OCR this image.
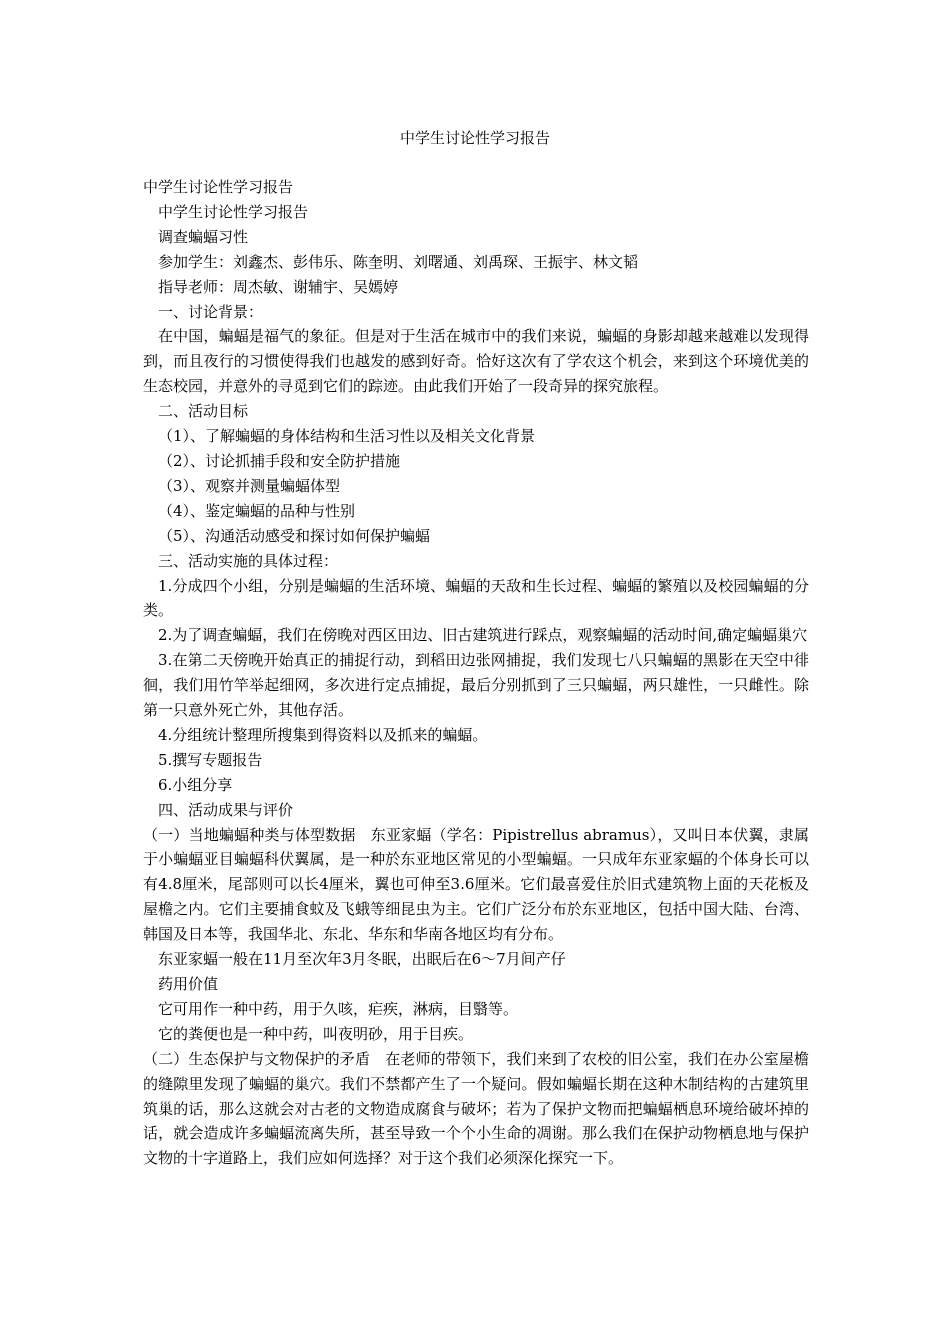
中学生讨论性学习报告

中学生讨论性学习报告

中学生讨论性学习报告

调查蝙蝠习性

参加学生：刘鑫杰、彭伟乐、陈奎明、刘曙通、刘禹琛、王振宇、林文韬

指导老师：周杰敏、谢辅宇、吴嫣婷

一、讨论背景：

在中国，蝙蝠是福气的象征。但是对于生活在城市中的我们来说，蝙蝠的身影却越来越难以发现得到，而且夜行的习惯使得我们也越发的感到好奇。恰好这次有了学农这个机会，来到这个环境优美的生态校园，并意外的寻觅到它们的踪迹。由此我们开始了一段奇异的探究旅程。

二、活动目标

（1）、了解蝙蝠的身体结构和生活习性以及相关文化背景

（2）、讨论抓捕手段和安全防护措施

（3）、观察并测量蝙蝠体型

（4）、鉴定蝙蝠的品种与性别

（5）、沟通活动感受和探讨如何保护蝙蝠

三、活动实施的具体过程：

1.分成四个小组，分别是蝙蝠的生活环境、蝙蝠的天敌和生长过程、蝙蝠的繁殖以及校园蝙蝠的分类。

2.为了调查蝙蝠，我们在傍晚对西区田边、旧古建筑进行踩点，观察蝙蝠的活动时间,确定蝙蝠巢穴

3.在第二天傍晚开始真正的捕捉行动，到稻田边张网捕捉，我们发现七八只蝙蝠的黑影在天空中徘徊，我们用竹竿举起细网，多次进行定点捕捉，最后分别抓到了三只蝙蝠，两只雄性，一只雌性。除第一只意外死亡外，其他存活。

4.分组统计整理所搜集到得资料以及抓来的蝙蝠。

5.撰写专题报告

6.小组分享

四、活动成果与评价

（一）当地蝙蝠种类与体型数据　东亚家蝠（学名：Pipistrellus abramus），又叫日本伏翼，隶属于小蝙蝠亚目蝙蝠科伏翼属，是一种於东亚地区常见的小型蝙蝠。一只成年东亚家蝠的个体身长可以有4.8厘米，尾部则可以长4厘米，翼也可伸至3.6厘米。它们最喜爱住於旧式建筑物上面的天花板及屋檐之内。它们主要捕食蚊及飞蛾等细昆虫为主。它们广泛分布於东亚地区，包括中国大陆、台湾、韩国及日本等，我国华北、东北、华东和华南各地区均有分布。

东亚家蝠一般在11月至次年3月冬眠，出眠后在6～7月间产仔

药用价值

它可用作一种中药，用于久咳，疟疾，淋病，目翳等。

它的粪便也是一种中药，叫夜明砂，用于目疾。

（二）生态保护与文物保护的矛盾　在老师的带领下，我们来到了农校的旧公室，我们在办公室屋檐的缝隙里发现了蝙蝠的巢穴。我们不禁都产生了一个疑问。假如蝙蝠长期在这种木制结构的古建筑里筑巢的话，那么这就会对古老的文物造成腐食与破坏；若为了保护文物而把蝙蝠栖息环境给破坏掉的话，就会造成许多蝙蝠流离失所，甚至导致一个个小生命的凋谢。那么我们在保护动物栖息地与保护文物的十字道路上，我们应如何选择？对于这个我们必须深化探究一下。
